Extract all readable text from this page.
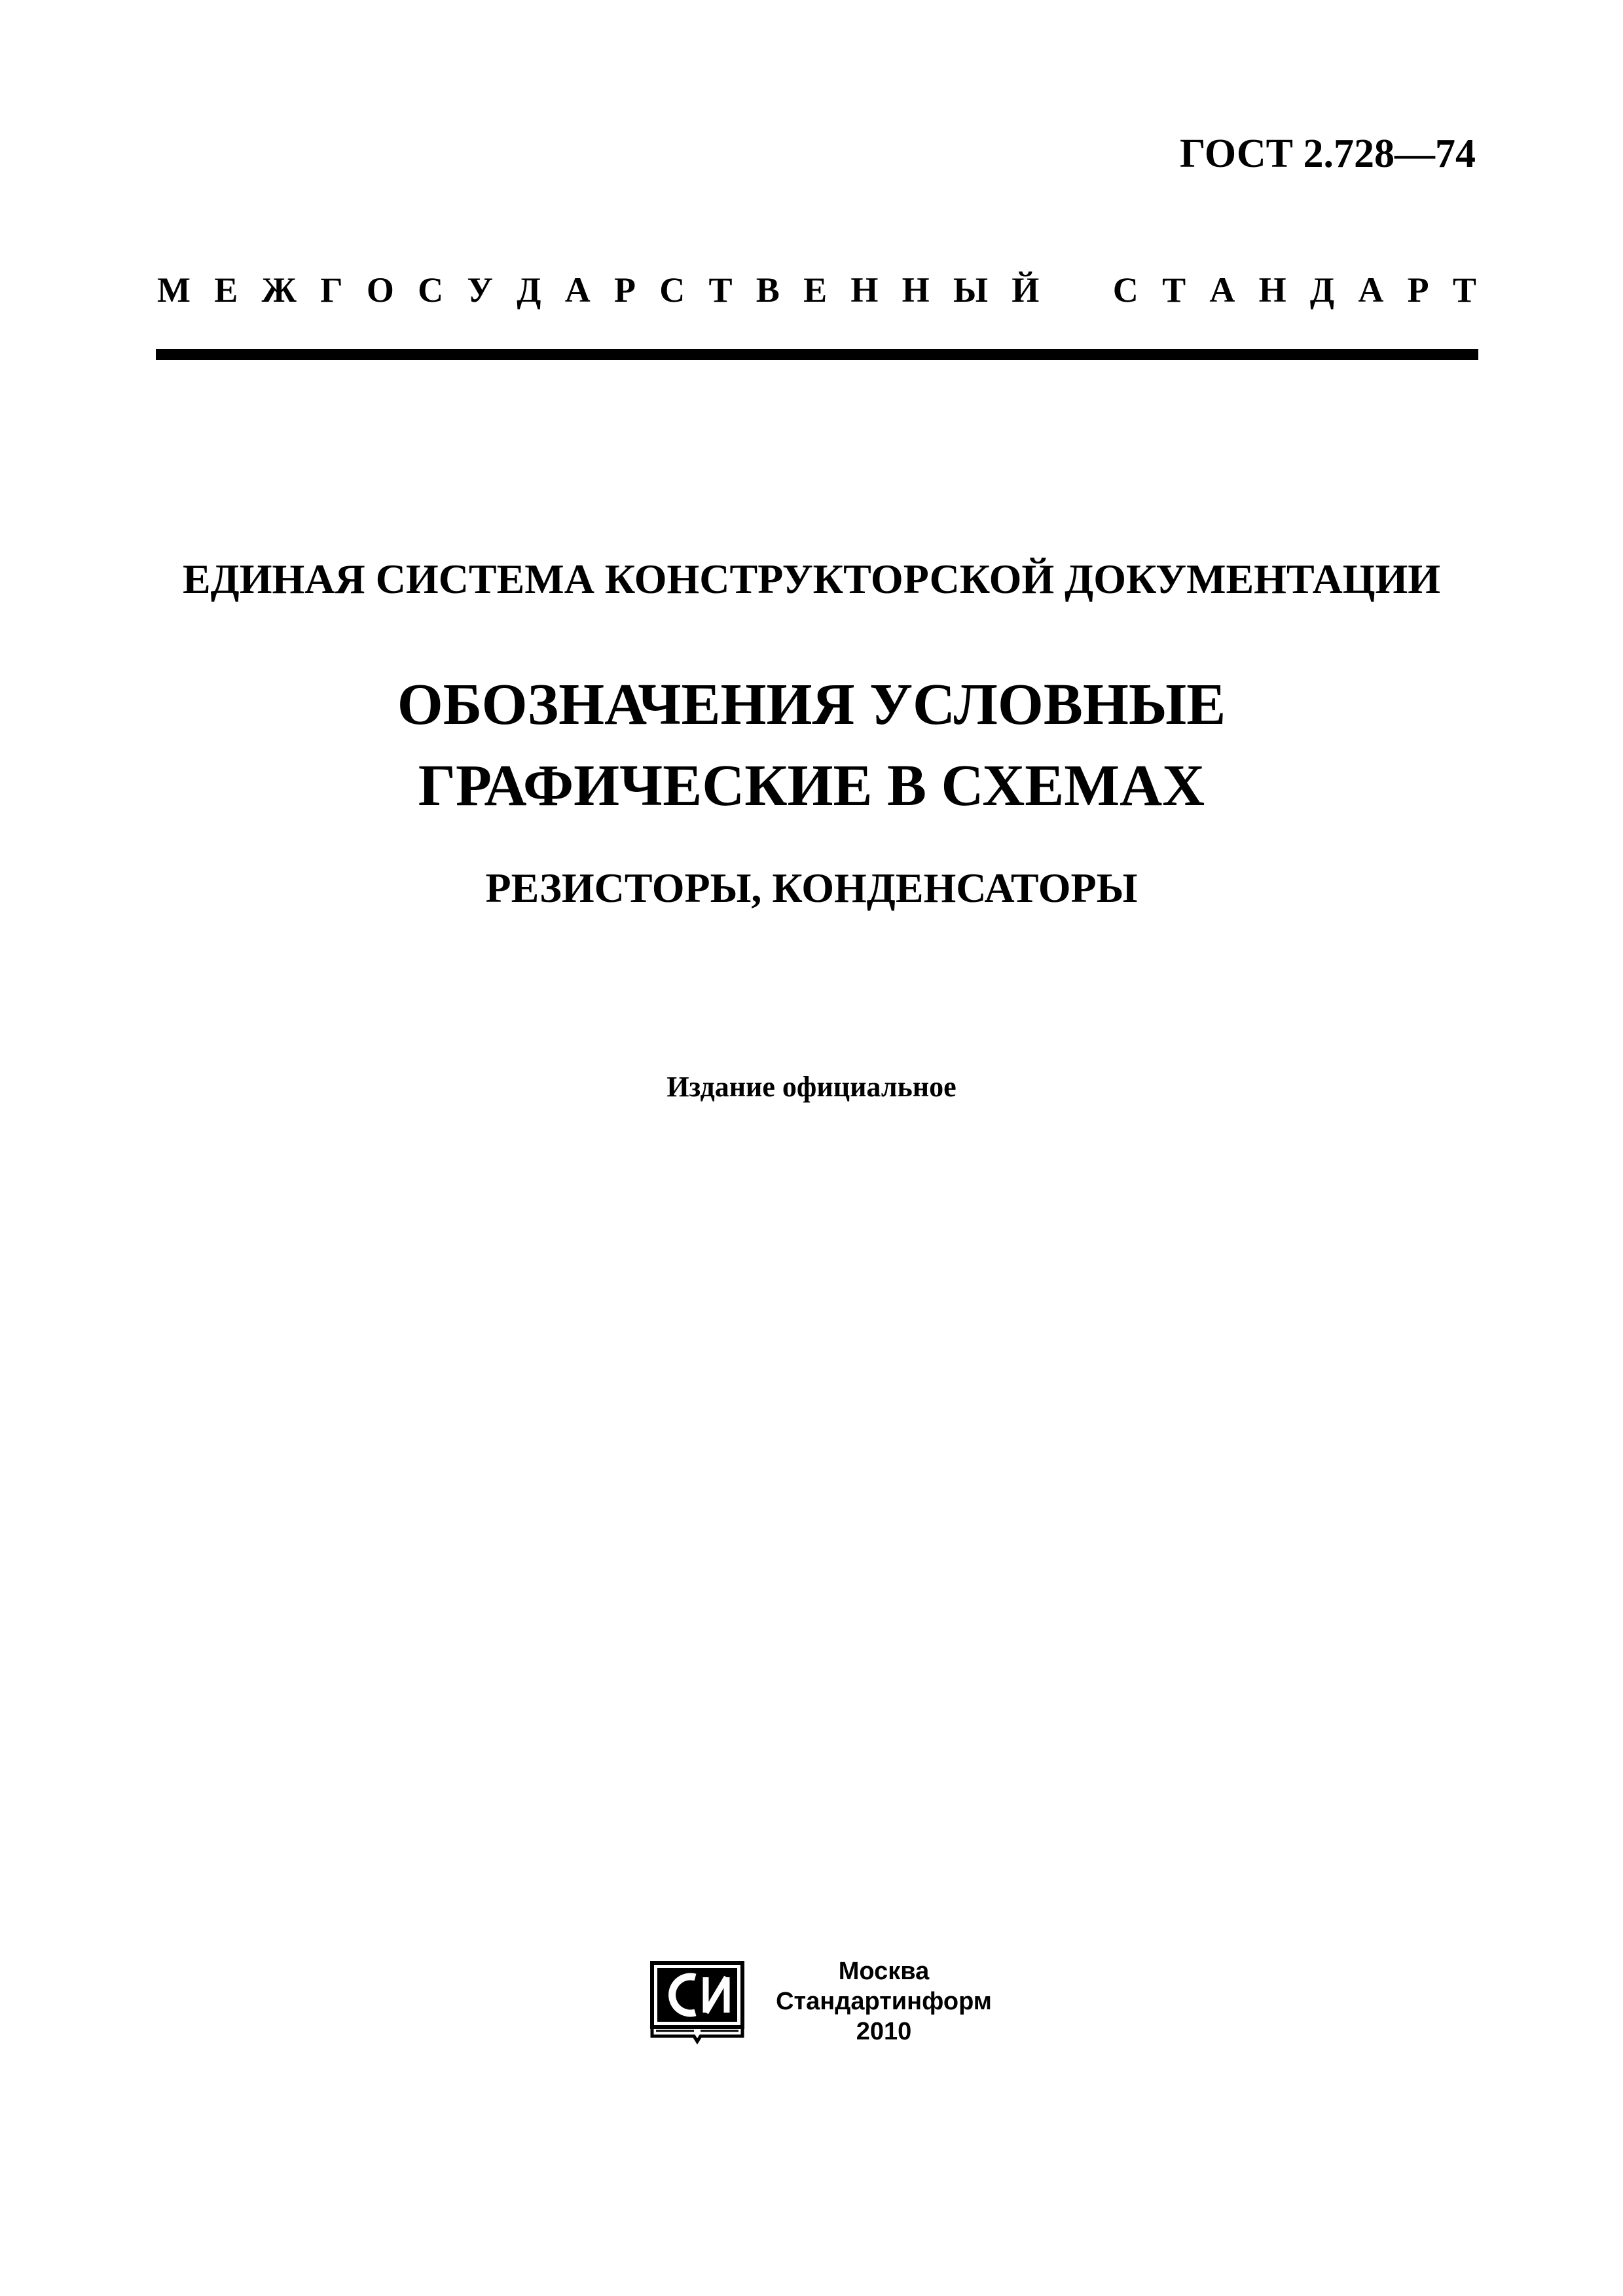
ГОСТ 2.728—74
М Е Ж Г О С У Д А Р С Т В Е Н Н Ы Й С Т А Н Д А Р Т
ЕДИНАЯ СИСТЕМА КОНСТРУКТОРСКОЙ ДОКУМЕНТАЦИИ
ОБОЗНАЧЕНИЯ УСЛОВНЫЕ
ГРАФИЧЕСКИЕ В СХЕМАХ
РЕЗИСТОРЫ, КОНДЕНСАТОРЫ
Издание официальное
Москва
Стандартинформ
2010
